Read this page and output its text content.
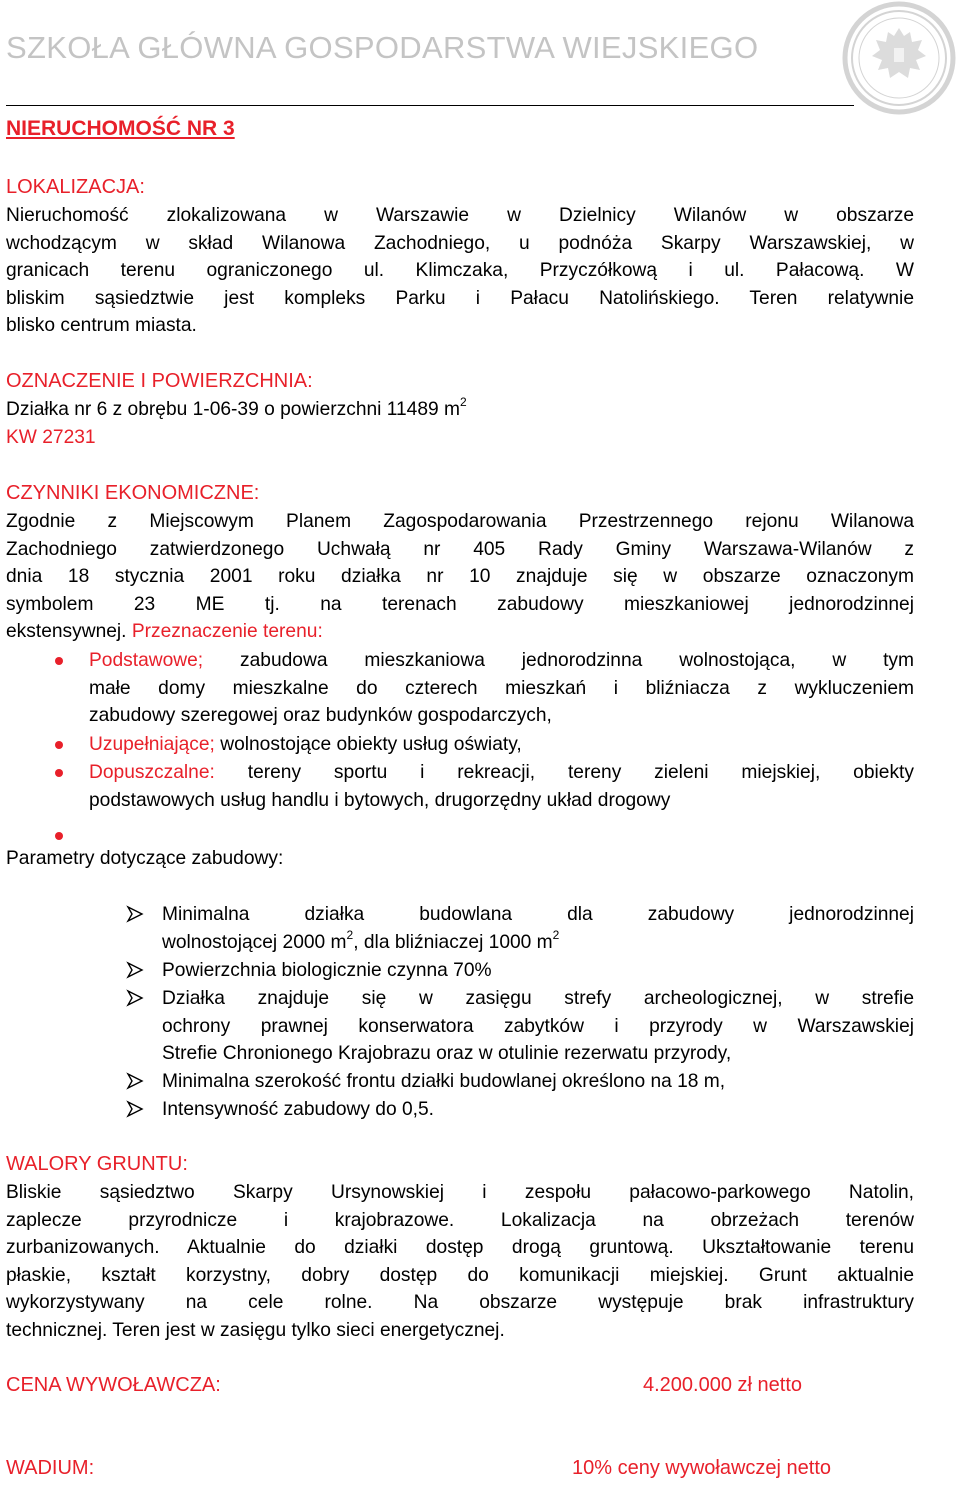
SZKOŁA GŁÓWNA GOSPODARSTWA WIEJSKIEGO
NIERUCHOMOŚĆ NR 3
LOKALIZACJA:
Nieruchomość zlokalizowana w Warszawie w Dzielnicy Wilanów w obszarze
wchodzącym w skład Wilanowa Zachodniego, u podnóża Skarpy Warszawskiej, w
granicach terenu ograniczonego ul. Klimczaka, Przyczółkową i ul. Pałacową. W
bliskim sąsiedztwie jest kompleks Parku i Pałacu Natolińskiego. Teren relatywnie
blisko centrum miasta.
OZNACZENIE I POWIERZCHNIA:
Działka nr 6 z obrębu 1-06-39 o powierzchni 11489 $m^2$
KW 27231
CZYNNIKI EKONOMICZNE:
Zgodnie z Miejscowym Planem Zagospodarowania Przestrzennego rejonu Wilanowa
Zachodniego zatwierdzonego Uchwałą nr 405 Rady Gminy Warszawa-Wilanów z
dnia 18 stycznia 2001 roku działka nr 10 znajduje się w obszarze oznaczonym
symbolem 23 ME tj. na terenach zabudowy mieszkaniowej jednorodzinnej
ekstensywnej. Przeznaczenie terenu:
Podstawowe; zabudowa mieszkaniowa jednorodzinna wolnostojąca, w tym
małe domy mieszkalne do czterech mieszkań i bliźniacza z wykluczeniem
zabudowy szeregowej oraz budynków gospodarczych,
Uzupełniające; wolnostojące obiekty usług oświaty,
Dopuszczalne: tereny sportu i rekreacji, tereny zieleni miejskiej, obiekty
podstawowych usług handlu i bytowych, drugorzędny układ drogowy
Parametry dotyczące zabudowy:
Minimalna działka budowlana dla zabudowy jednorodzinnej
wolnostojącej 2000 $m^2$, dla bliźniaczej 1000 $m^2$
Powierzchnia biologicznie czynna 70%
Działka znajduje się w zasięgu strefy archeologicznej, w strefie
ochrony prawnej konserwatora zabytków i przyrody w Warszawskiej
Strefie Chronionego Krajobrazu oraz w otulinie rezerwatu przyrody,
Minimalna szerokość frontu działki budowlanej określono na 18 m,
Intensywność zabudowy do 0,5.
WALORY GRUNTU:
Bliskie sąsiedztwo Skarpy Ursynowskiej i zespołu pałacowo-parkowego Natolin,
zaplecze przyrodnicze i krajobrazowe. Lokalizacja na obrzeżach terenów
zurbanizowanych. Aktualnie do działki dostęp drogą gruntową. Ukształtowanie terenu
płaskie, kształt korzystny, dobry dostęp do komunikacji miejskiej. Grunt aktualnie
wykorzystywany na cele rolne. Na obszarze występuje brak infrastruktury
technicznej. Teren jest w zasięgu tylko sieci energetycznej.
CENA WYWOŁAWCZA:	4.200.000 zł netto
WADIUM:	10% ceny wywoławczej netto
